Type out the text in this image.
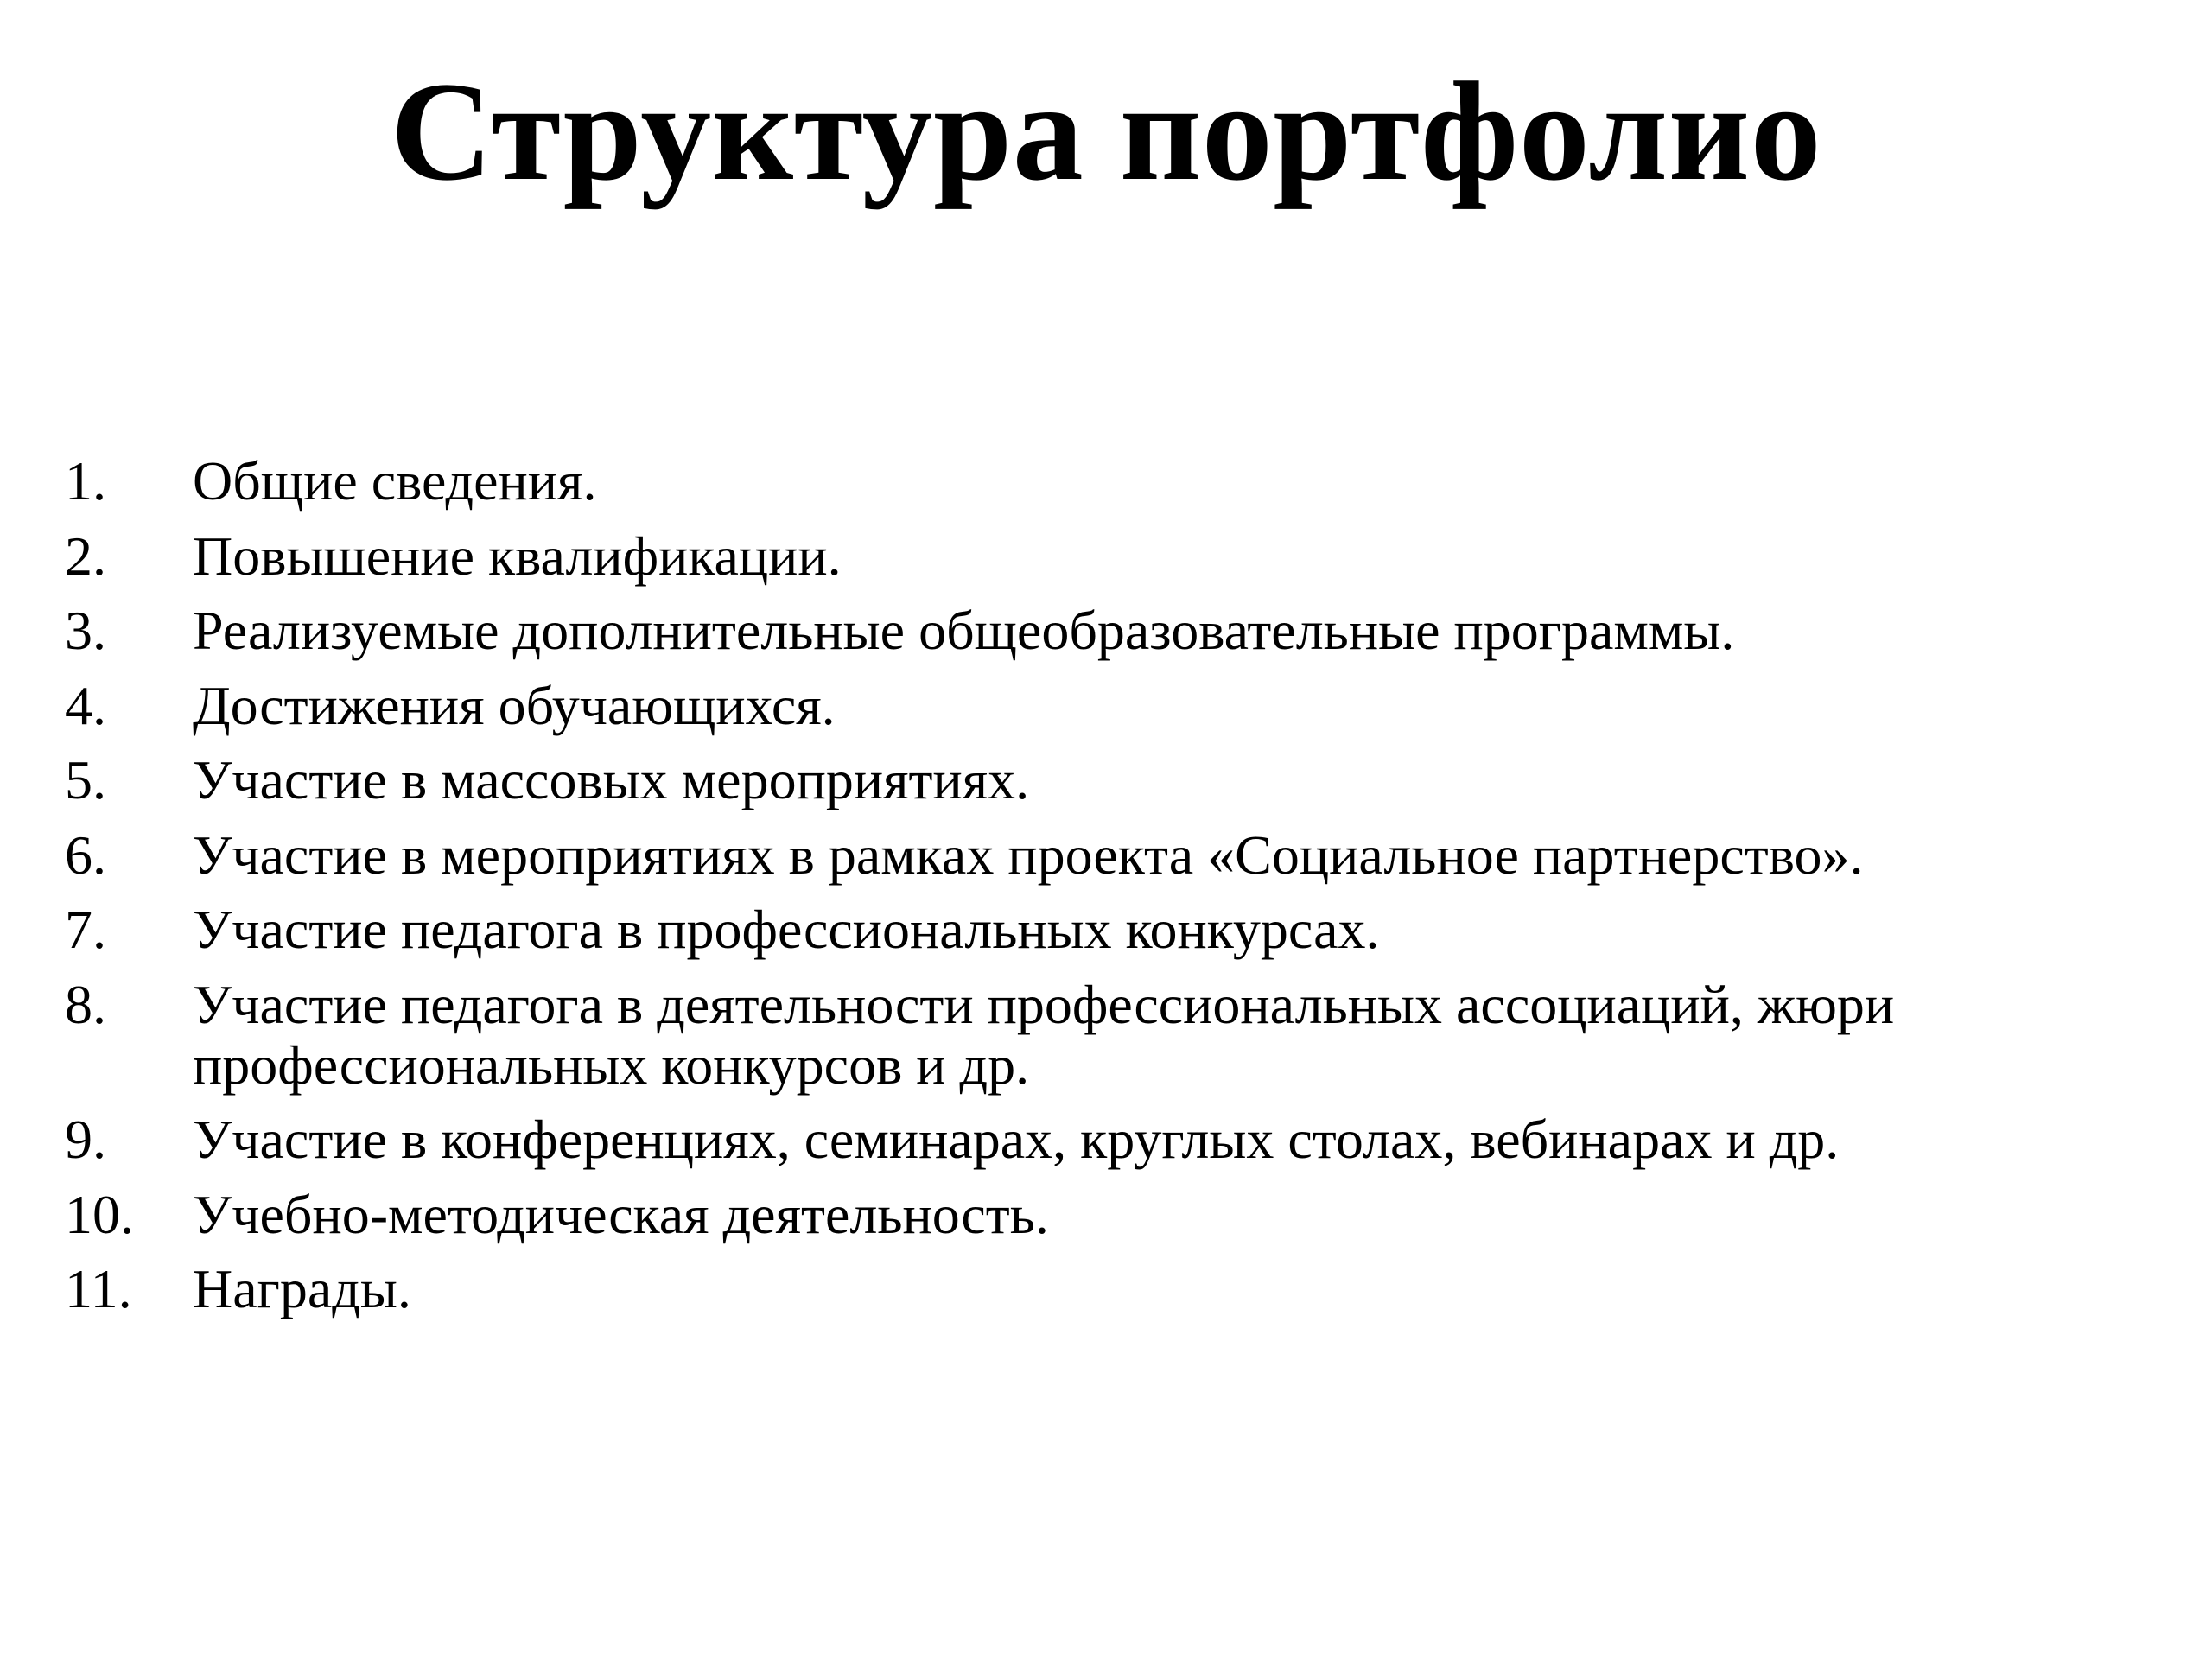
Структура портфолио
1.	Общие сведения.
2.	Повышение квалификации.
3.	Реализуемые дополнительные общеобразовательные программы.
4.	Достижения обучающихся.
5.	Участие в массовых мероприятиях.
6.	Участие в мероприятиях в рамках проекта «Социальное партнерство».
7.	Участие педагога в профессиональных конкурсах.
8.	Участие педагога в деятельности профессиональных ассоциаций, жюри профессиональных конкурсов и др.
9.	Участие в конференциях, семинарах, круглых столах, вебинарах и др.
10.	Учебно-методическая деятельность.
11.	Награды.
